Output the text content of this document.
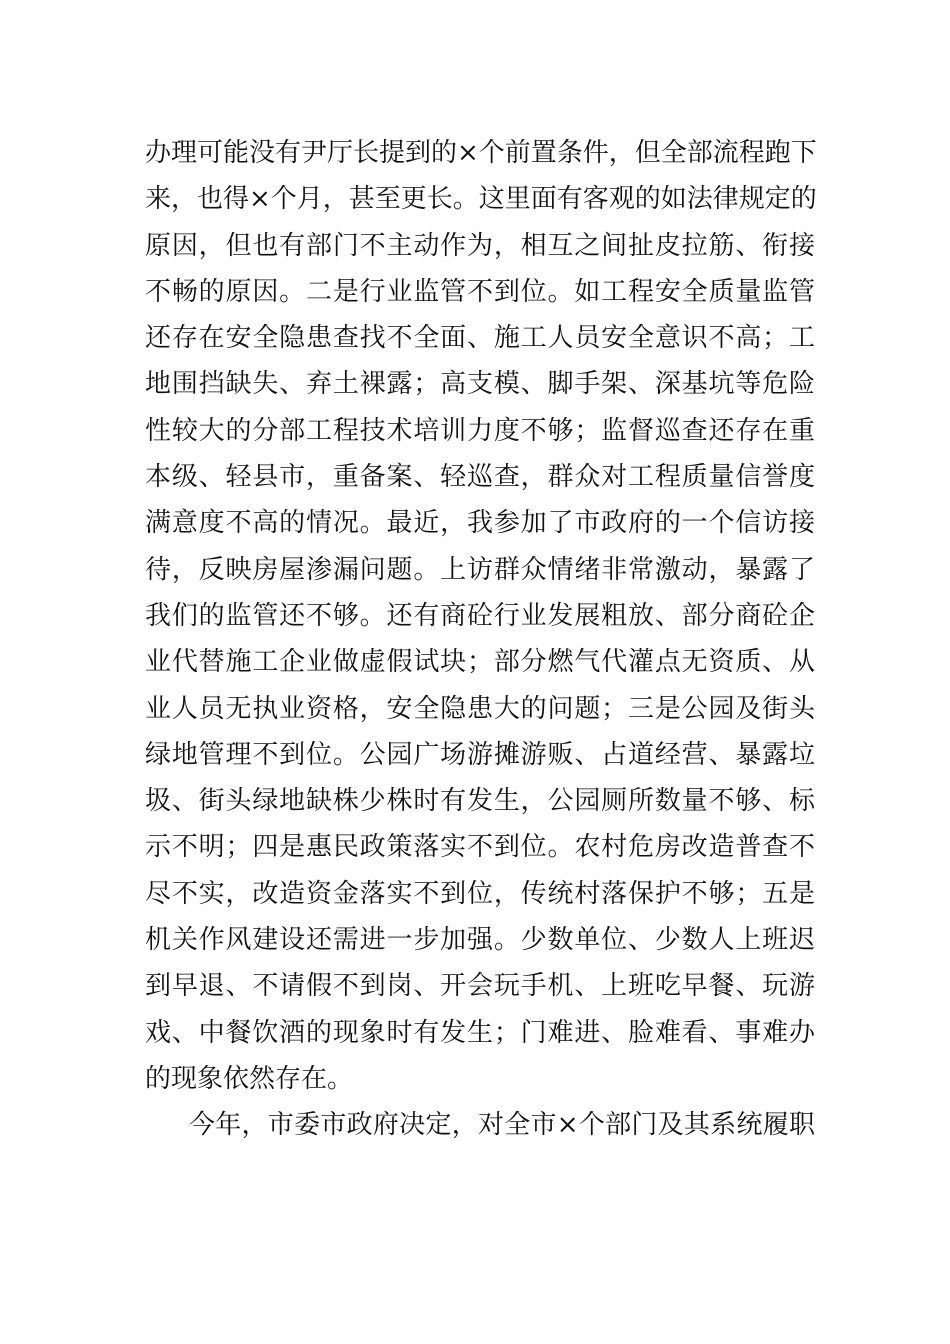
办理可能没有尹厅长提到的×个前置条件，但全部流程跑下
来，也得×个月，甚至更长。这里面有客观的如法律规定的
原因，但也有部门不主动作为，相互之间扯皮拉筋、衔接
不畅的原因。二是行业监管不到位。如工程安全质量监管
还存在安全隐患查找不全面、施工人员安全意识不高；工
地围挡缺失、弃土裸露；高支模、脚手架、深基坑等危险
性较大的分部工程技术培训力度不够；监督巡查还存在重
本级、轻县市，重备案、轻巡查，群众对工程质量信誉度
满意度不高的情况。最近，我参加了市政府的一个信访接
待，反映房屋渗漏问题。上访群众情绪非常激动，暴露了
我们的监管还不够。还有商砼行业发展粗放、部分商砼企
业代替施工企业做虚假试块；部分燃气代灌点无资质、从
业人员无执业资格，安全隐患大的问题；三是公园及街头
绿地管理不到位。公园广场游摊游贩、占道经营、暴露垃
圾、街头绿地缺株少株时有发生，公园厕所数量不够、标
示不明；四是惠民政策落实不到位。农村危房改造普查不
尽不实，改造资金落实不到位，传统村落保护不够；五是
机关作风建设还需进一步加强。少数单位、少数人上班迟
到早退、不请假不到岗、开会玩手机、上班吃早餐、玩游
戏、中餐饮酒的现象时有发生；门难进、脸难看、事难办
的现象依然存在。
今年，市委市政府决定，对全市×个部门及其系统履职
